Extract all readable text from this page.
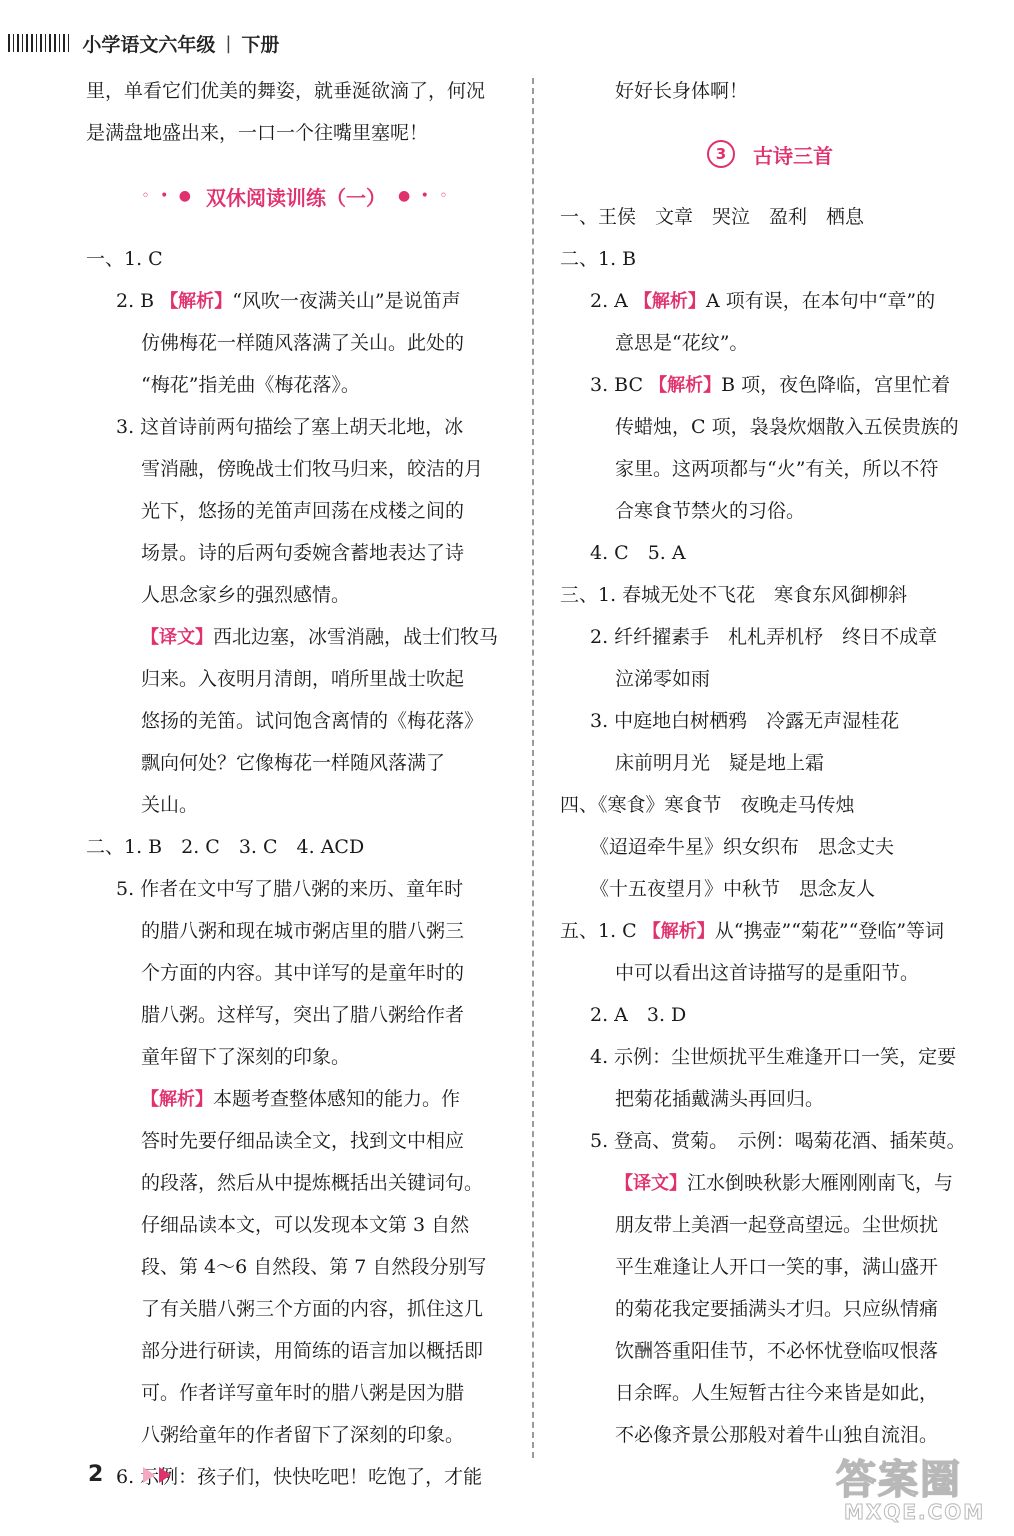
小学语文六年级 | 下册
里，单看它们优美的舞姿，就垂涎欲滴了，何况
是满盘地盛出来，一口一个往嘴里塞呢！
◦ • ● 双休阅读训练（一） ● • ◦
一、1. C
2. B 【解析】“风吹一夜满关山”是说笛声
仿佛梅花一样随风落满了关山。此处的
“梅花”指羌曲《梅花落》。
3. 这首诗前两句描绘了塞上胡天北地，冰
雪消融，傍晚战士们牧马归来，皎洁的月
光下，悠扬的羌笛声回荡在戍楼之间的
场景。诗的后两句委婉含蓄地表达了诗
人思念家乡的强烈感情。
【译文】西北边塞，冰雪消融，战士们牧马
归来。入夜明月清朗，哨所里战士吹起
悠扬的羌笛。试问饱含离情的《梅花落》
飘向何处？它像梅花一样随风落满了
关山。
二、1. B　2. C　3. C　4. ACD
5. 作者在文中写了腊八粥的来历、童年时
的腊八粥和现在城市粥店里的腊八粥三
个方面的内容。其中详写的是童年时的
腊八粥。这样写，突出了腊八粥给作者
童年留下了深刻的印象。
【解析】本题考查整体感知的能力。作
答时先要仔细品读全文，找到文中相应
的段落，然后从中提炼概括出关键词句。
仔细品读本文，可以发现本文第 3 自然
段、第 4～6 自然段、第 7 自然段分别写
了有关腊八粥三个方面的内容，抓住这几
部分进行研读，用简练的语言加以概括即
可。作者详写童年时的腊八粥是因为腊
八粥给童年的作者留下了深刻的印象。
6. 示例：孩子们，快快吃吧！吃饱了，才能
好好长身体啊！
3	古诗三首
一、王侯　文章　哭泣　盈利　栖息
二、1. B
2. A 【解析】A 项有误，在本句中“章”的
意思是“花纹”。
3. BC 【解析】B 项，夜色降临，宫里忙着
传蜡烛，C 项，袅袅炊烟散入五侯贵族的
家里。这两项都与“火”有关，所以不符
合寒食节禁火的习俗。
4. C　5. A
三、1. 春城无处不飞花　寒食东风御柳斜
2. 纤纤擢素手　札札弄机杼　终日不成章
泣涕零如雨
3. 中庭地白树栖鸦　冷露无声湿桂花
床前明月光　疑是地上霜
四、《寒食》寒食节　夜晚走马传烛
《迢迢牵牛星》织女织布　思念丈夫
《十五夜望月》中秋节　思念友人
五、1. C 【解析】从“携壶”“菊花”“登临”等词
中可以看出这首诗描写的是重阳节。
2. A　3. D
4. 示例：尘世烦扰平生难逢开口一笑，定要
把菊花插戴满头再回归。
5. 登高、赏菊。　示例：喝菊花酒、插茱萸。
【译文】江水倒映秋影大雁刚刚南飞，与
朋友带上美酒一起登高望远。尘世烦扰
平生难逢让人开口一笑的事，满山盛开
的菊花我定要插满头才归。只应纵情痛
饮酬答重阳佳节，不必怀忧登临叹恨落
日余晖。人生短暂古往今来皆是如此，
不必像齐景公那般对着牛山独自流泪。
2	答案圈
MXQE.COM
